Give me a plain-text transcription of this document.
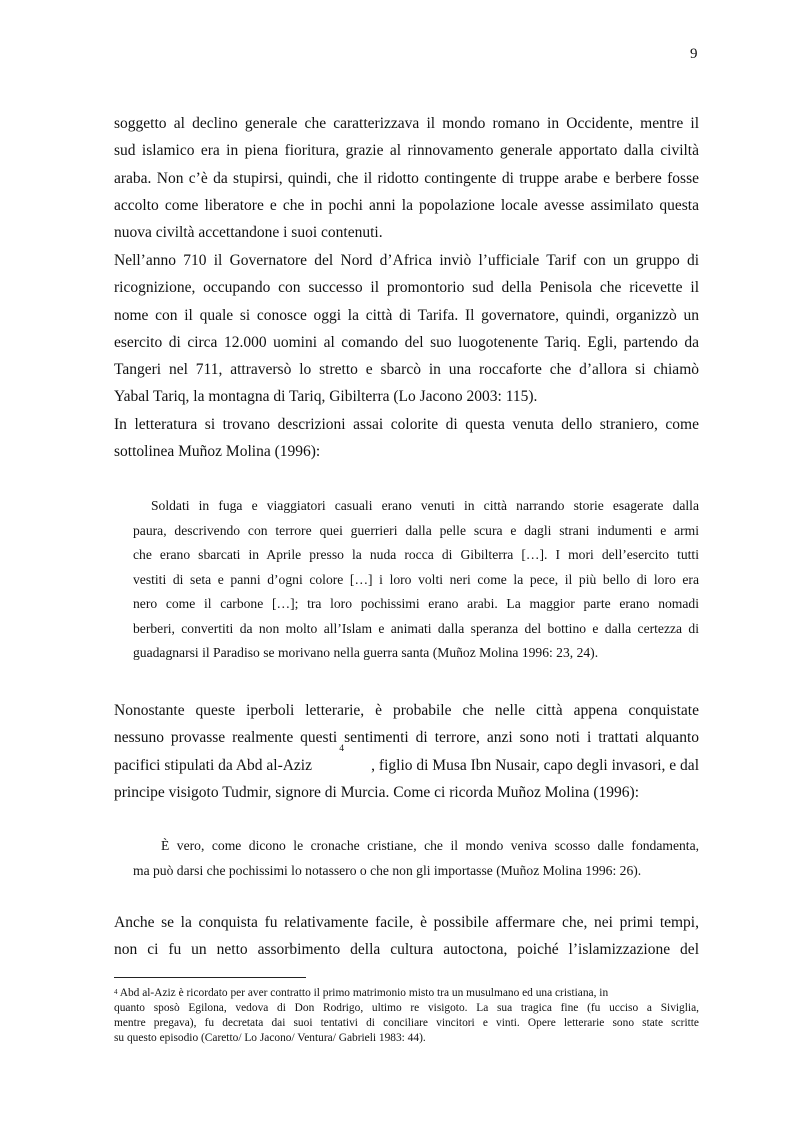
9
soggetto al declino generale che caratterizzava il mondo romano in Occidente, mentre il
sud islamico era in piena fioritura, grazie al rinnovamento generale apportato dalla civiltà
araba. Non c’è da stupirsi, quindi, che il ridotto contingente di truppe arabe e berbere fosse
accolto come liberatore e che in pochi anni la popolazione locale avesse assimilato questa
nuova civiltà accettandone i suoi contenuti.
Nell’anno 710 il Governatore del Nord d’Africa inviò l’ufficiale Tarif con un gruppo di
ricognizione, occupando con successo il promontorio sud della Penisola che ricevette il
nome con il quale si conosce oggi la città di Tarifa. Il governatore, quindi, organizzò un
esercito di circa 12.000 uomini al comando del suo luogotenente Tariq. Egli, partendo da
Tangeri nel 711, attraversò lo stretto e sbarcò in una roccaforte che d’allora si chiamò
Yabal Tariq, la montagna di Tariq, Gibilterra (Lo Jacono 2003: 115).
In letteratura si trovano descrizioni assai colorite di questa venuta dello straniero, come
sottolinea Muñoz Molina (1996):
Soldati in fuga e viaggiatori casuali erano venuti in città narrando storie esagerate dalla
paura, descrivendo con terrore quei guerrieri dalla pelle scura e dagli strani indumenti e armi
che erano sbarcati in Aprile presso la nuda rocca di Gibilterra […]. I mori dell’esercito tutti
vestiti di seta e panni d’ogni colore […] i loro volti neri come la pece, il più bello di loro era
nero come il carbone […]; tra loro pochissimi erano arabi. La maggior parte erano nomadi
berberi, convertiti da non molto all’Islam e animati dalla speranza del bottino e dalla certezza di
guadagnarsi il Paradiso se morivano nella guerra santa (Muñoz Molina 1996: 23, 24).
Nonostante queste iperboli letterarie, è probabile che nelle città appena conquistate
nessuno provasse realmente questi sentimenti di terrore, anzi sono noti i trattati alquanto
pacifici stipulati da Abd al-Aziz
$^4$
, figlio di Musa Ibn Nusair, capo degli invasori, e dal
principe visigoto Tudmir, signore di Murcia. Come ci ricorda Muñoz Molina (1996):
È vero, come dicono le cronache cristiane, che il mondo veniva scosso dalle fondamenta,
ma può darsi che pochissimi lo notassero o che non gli importasse (Muñoz Molina 1996: 26).
Anche se la conquista fu relativamente facile, è possibile affermare che, nei primi tempi,
non ci fu un netto assorbimento della cultura autoctona, poiché l’islamizzazione del
$^4$ Abd al-Aziz è ricordato per aver contratto il primo matrimonio misto tra un musulmano ed una cristiana, in
quanto sposò Egilona, vedova di Don Rodrigo, ultimo re visigoto. La sua tragica fine (fu ucciso a Siviglia,
mentre pregava), fu decretata dai suoi tentativi di conciliare vincitori e vinti. Opere letterarie sono state scritte
su questo episodio (Caretto/ Lo Jacono/ Ventura/ Gabrieli 1983: 44).
